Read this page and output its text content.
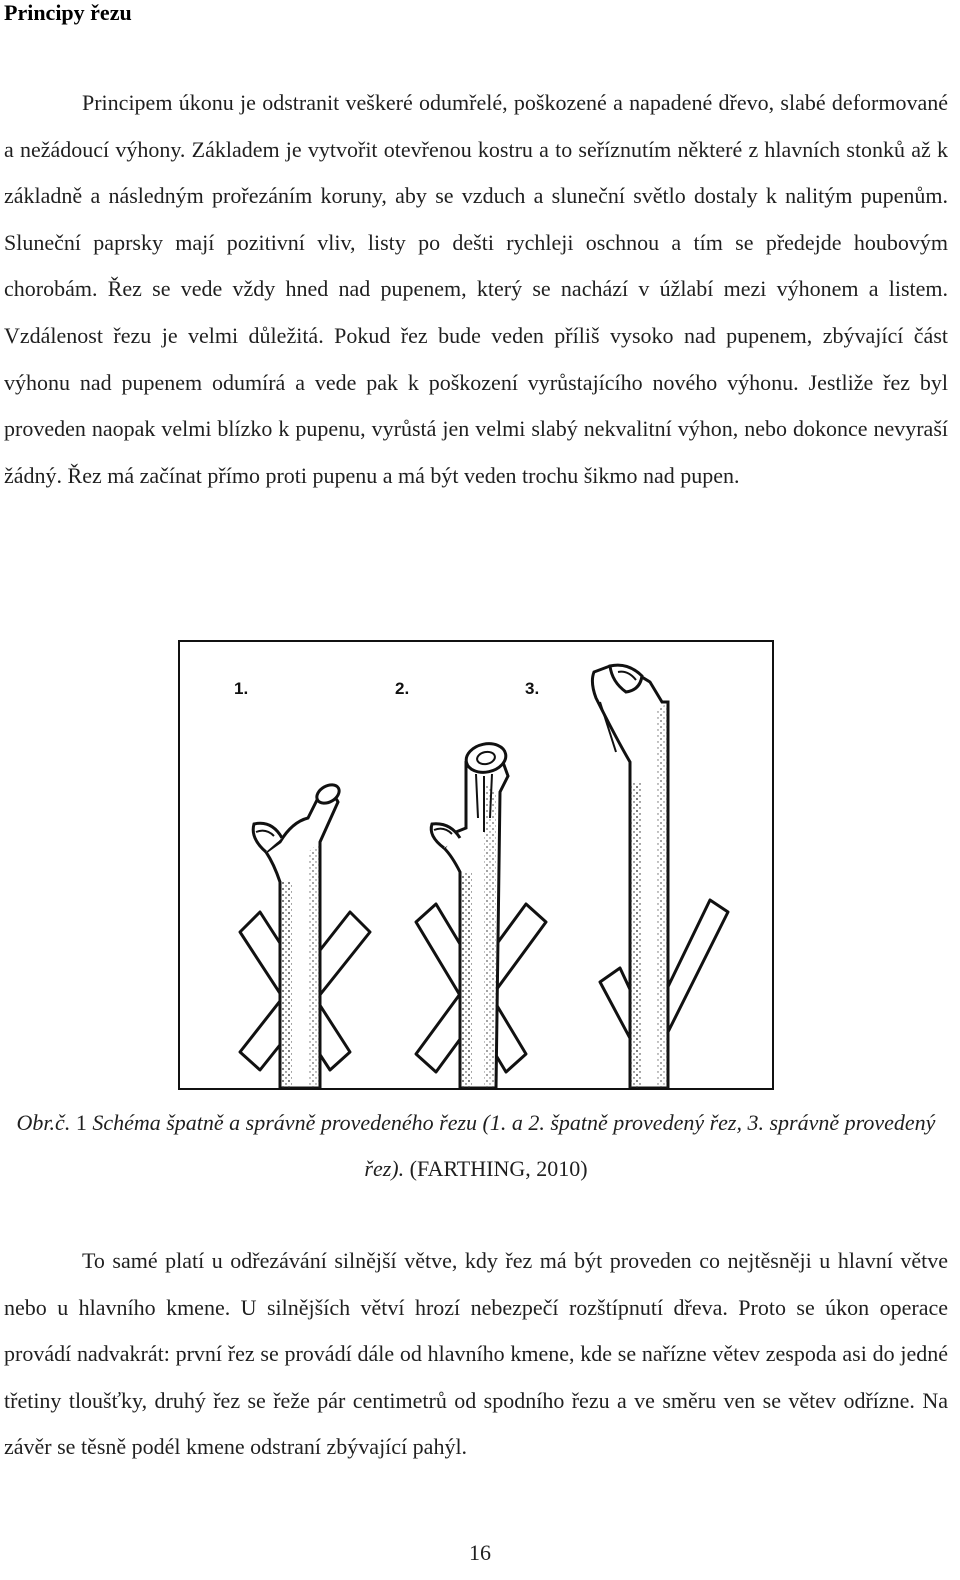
Principy řezu

Principem úkonu je odstranit veškeré odumřelé, poškozené a napadené dřevo, slabé deformované a nežádoucí výhony. Základem je vytvořit otevřenou kostru a to seříznutím některé z hlavních stonků až k základně a následným prořezáním koruny, aby se vzduch a sluneční světlo dostaly k nalitým pupenům. Sluneční paprsky mají pozitivní vliv, listy po dešti rychleji oschnou a tím se předejde houbovým chorobám. Řez se vede vždy hned nad pupenem, který se nachází v úžlabí mezi výhonem a listem. Vzdálenost řezu je velmi důležitá. Pokud řez bude veden příliš vysoko nad pupenem, zbývající část výhonu nad pupenem odumírá a vede pak k poškození vyrůstajícího nového výhonu. Jestliže řez byl proveden naopak velmi blízko k pupenu, vyrůstá jen velmi slabý nekvalitní výhon, nebo dokonce nevyraší žádný. Řez má začínat přímo proti pupenu a má být veden trochu šikmo nad pupen.

1.	2.	3.

Obr.č. 1 Schéma špatně a správně provedeného řezu (1. a 2. špatně provedený řez, 3. správně provedený řez). (FARTHING, 2010)

To samé platí u odřezávání silnější větve, kdy řez má být proveden co nejtěsněji u hlavní větve nebo u hlavního kmene. U silnějších větví hrozí nebezpečí rozštípnutí dřeva. Proto se úkon operace provádí nadvakrát: první řez se provádí dále od hlavního kmene, kde se nařízne větev zespoda asi do jedné třetiny tloušťky, druhý řez se řeže pár centimetrů od spodního řezu a ve směru ven se větev odřízne. Na závěr se těsně podél kmene odstraní zbývající pahýl.

16
